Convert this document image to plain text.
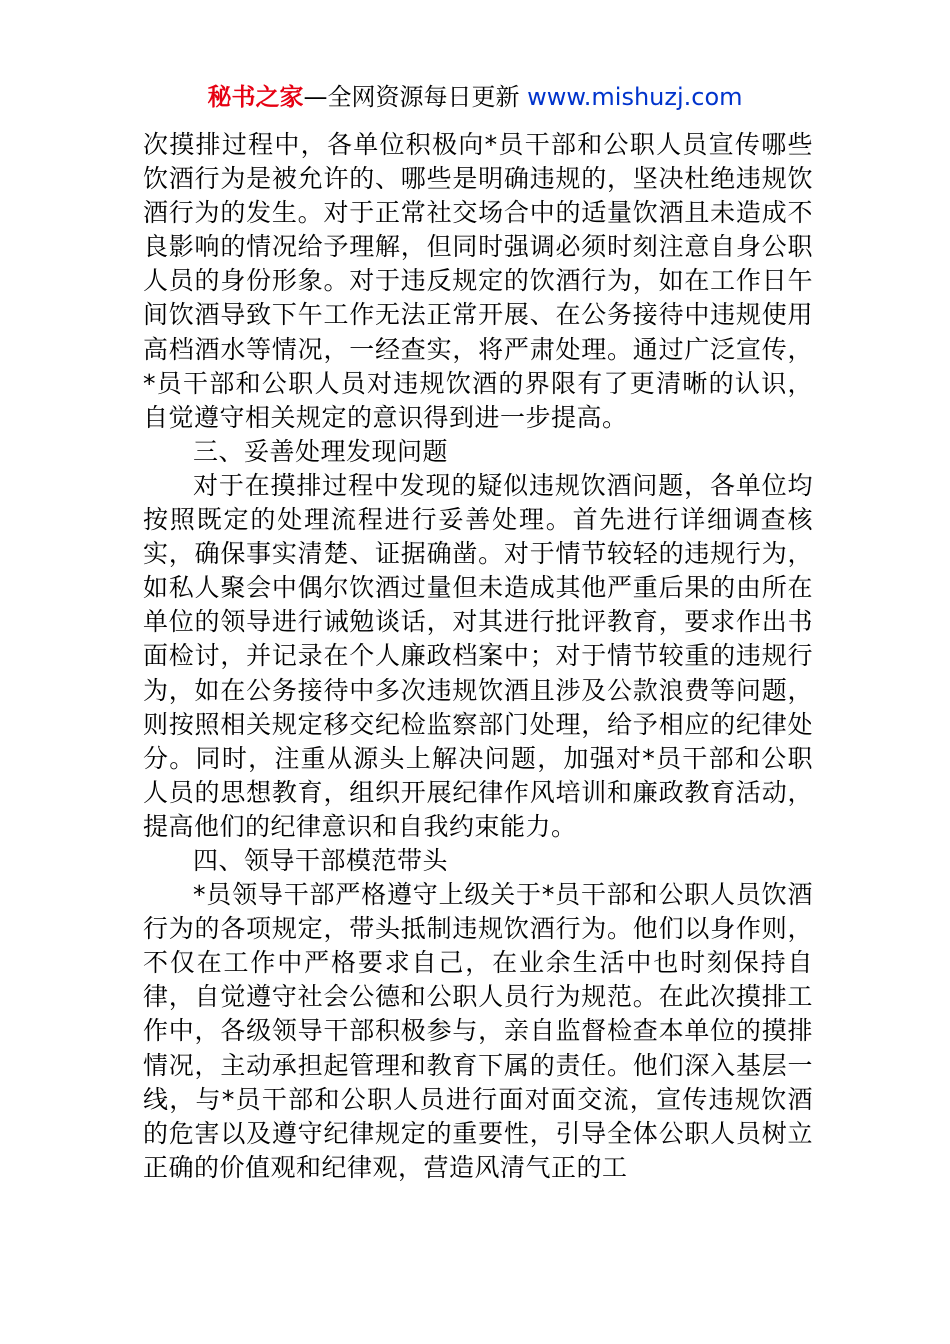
秘书之家—全网资源每日更新 www.mishuzj.com

次摸排过程中，各单位积极向*员干部和公职人员宣传哪些饮酒行为是被允许的、哪些是明确违规的，坚决杜绝违规饮酒行为的发生。对于正常社交场合中的适量饮酒且未造成不良影响的情况给予理解，但同时强调必须时刻注意自身公职人员的身份形象。对于违反规定的饮酒行为，如在工作日午间饮酒导致下午工作无法正常开展、在公务接待中违规使用高档酒水等情况，一经查实，将严肃处理。通过广泛宣传，*员干部和公职人员对违规饮酒的界限有了更清晰的认识，自觉遵守相关规定的意识得到进一步提高。

三、妥善处理发现问题

对于在摸排过程中发现的疑似违规饮酒问题，各单位均按照既定的处理流程进行妥善处理。首先进行详细调查核实，确保事实清楚、证据确凿。对于情节较轻的违规行为，如私人聚会中偶尔饮酒过量但未造成其他严重后果的由所在单位的领导进行诫勉谈话，对其进行批评教育，要求作出书面检讨，并记录在个人廉政档案中；对于情节较重的违规行为，如在公务接待中多次违规饮酒且涉及公款浪费等问题，则按照相关规定移交纪检监察部门处理，给予相应的纪律处分。同时，注重从源头上解决问题，加强对*员干部和公职人员的思想教育，组织开展纪律作风培训和廉政教育活动，提高他们的纪律意识和自我约束能力。

四、领导干部模范带头

*员领导干部严格遵守上级关于*员干部和公职人员饮酒行为的各项规定，带头抵制违规饮酒行为。他们以身作则，不仅在工作中严格要求自己，在业余生活中也时刻保持自律，自觉遵守社会公德和公职人员行为规范。在此次摸排工作中，各级领导干部积极参与，亲自监督检查本单位的摸排情况，主动承担起管理和教育下属的责任。他们深入基层一线，与*员干部和公职人员进行面对面交流，宣传违规饮酒的危害以及遵守纪律规定的重要性，引导全体公职人员树立正确的价值观和纪律观，营造风清气正的工
